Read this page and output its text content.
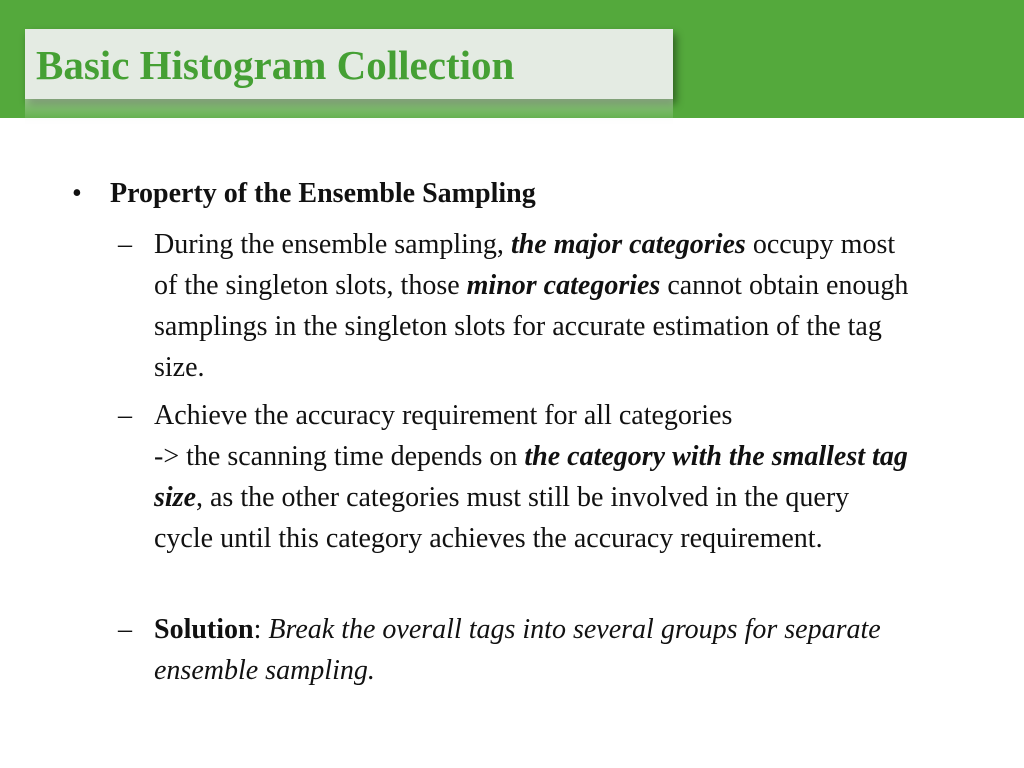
Basic Histogram Collection
• Property of the Ensemble Sampling
– During the ensemble sampling, the major categories occupy most of the singleton slots, those minor categories cannot obtain enough samplings in the singleton slots for accurate estimation of the tag size.
– Achieve the accuracy requirement for all categories
-> the scanning time depends on the category with the smallest tag size, as the other categories must still be involved in the query cycle until this category achieves the accuracy requirement.
– Solution: Break the overall tags into several groups for separate ensemble sampling.
